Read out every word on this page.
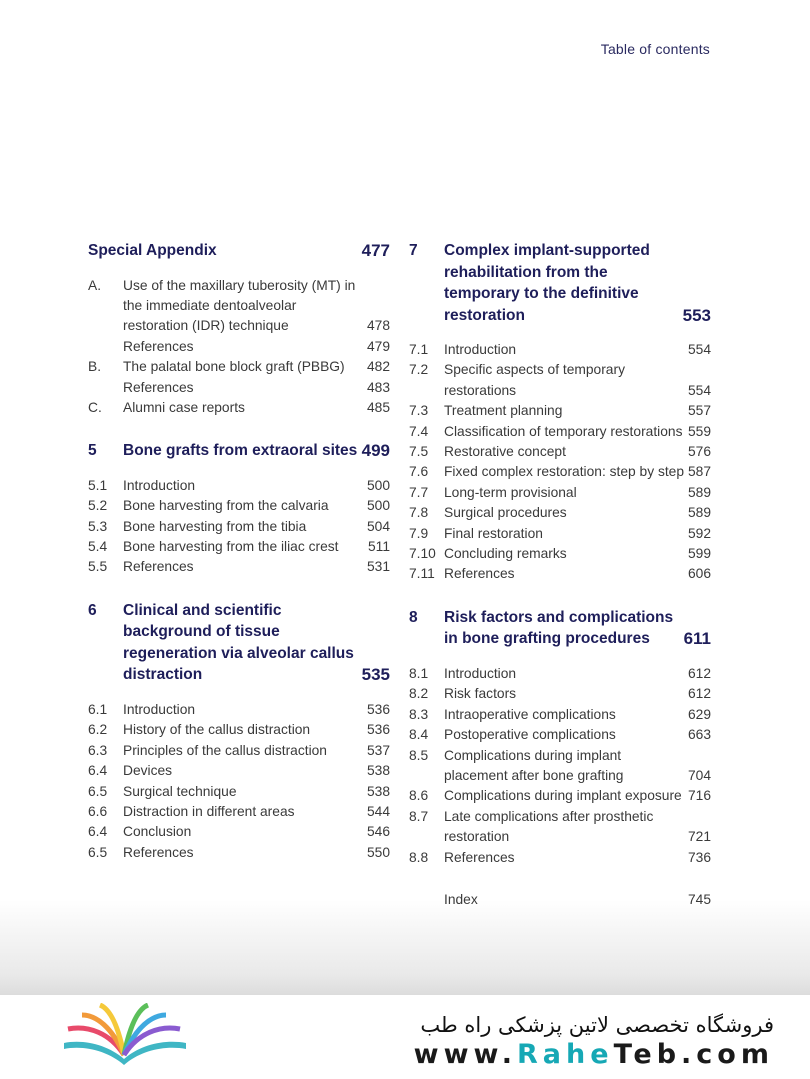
Table of contents
Special Appendix	477
A.	Use of the maxillary tuberosity (MT) in the immediate dentoalveolar restoration (IDR) technique	478
References	479
B.	The palatal bone block graft (PBBG)	482
References	483
C.	Alumni case reports	485
5	Bone grafts from extraoral sites 499
5.1	Introduction	500
5.2	Bone harvesting from the calvaria	500
5.3	Bone harvesting from the tibia	504
5.4	Bone harvesting from the iliac crest	511
5.5	References	531
6	Clinical and scientific background of tissue regeneration via alveolar callus distraction	535
6.1	Introduction	536
6.2	History of the callus distraction	536
6.3	Principles of the callus distraction	537
6.4	Devices	538
6.5	Surgical technique	538
6.6	Distraction in different areas	544
6.4	Conclusion	546
6.5	References	550
7	Complex implant-supported rehabilitation from the temporary to the definitive restoration	553
7.1	Introduction	554
7.2	Specific aspects of temporary restorations	554
7.3	Treatment planning	557
7.4	Classification of temporary restorations 559
7.5	Restorative concept	576
7.6	Fixed complex restoration: step by step 587
7.7	Long-term provisional	589
7.8	Surgical procedures	589
7.9	Final restoration	592
7.10 Concluding remarks	599
7.11 References	606
8	Risk factors and complications in bone grafting procedures	611
8.1	Introduction	612
8.2	Risk factors	612
8.3	Intraoperative complications	629
8.4	Postoperative complications	663
8.5	Complications during implant placement after bone grafting	704
8.6	Complications during implant exposure 716
8.7	Late complications after prosthetic restoration	721
8.8	References	736
Index	745
فروشگاه تخصصی لاتین پزشکی راه طب
www.RaheTeb.com
